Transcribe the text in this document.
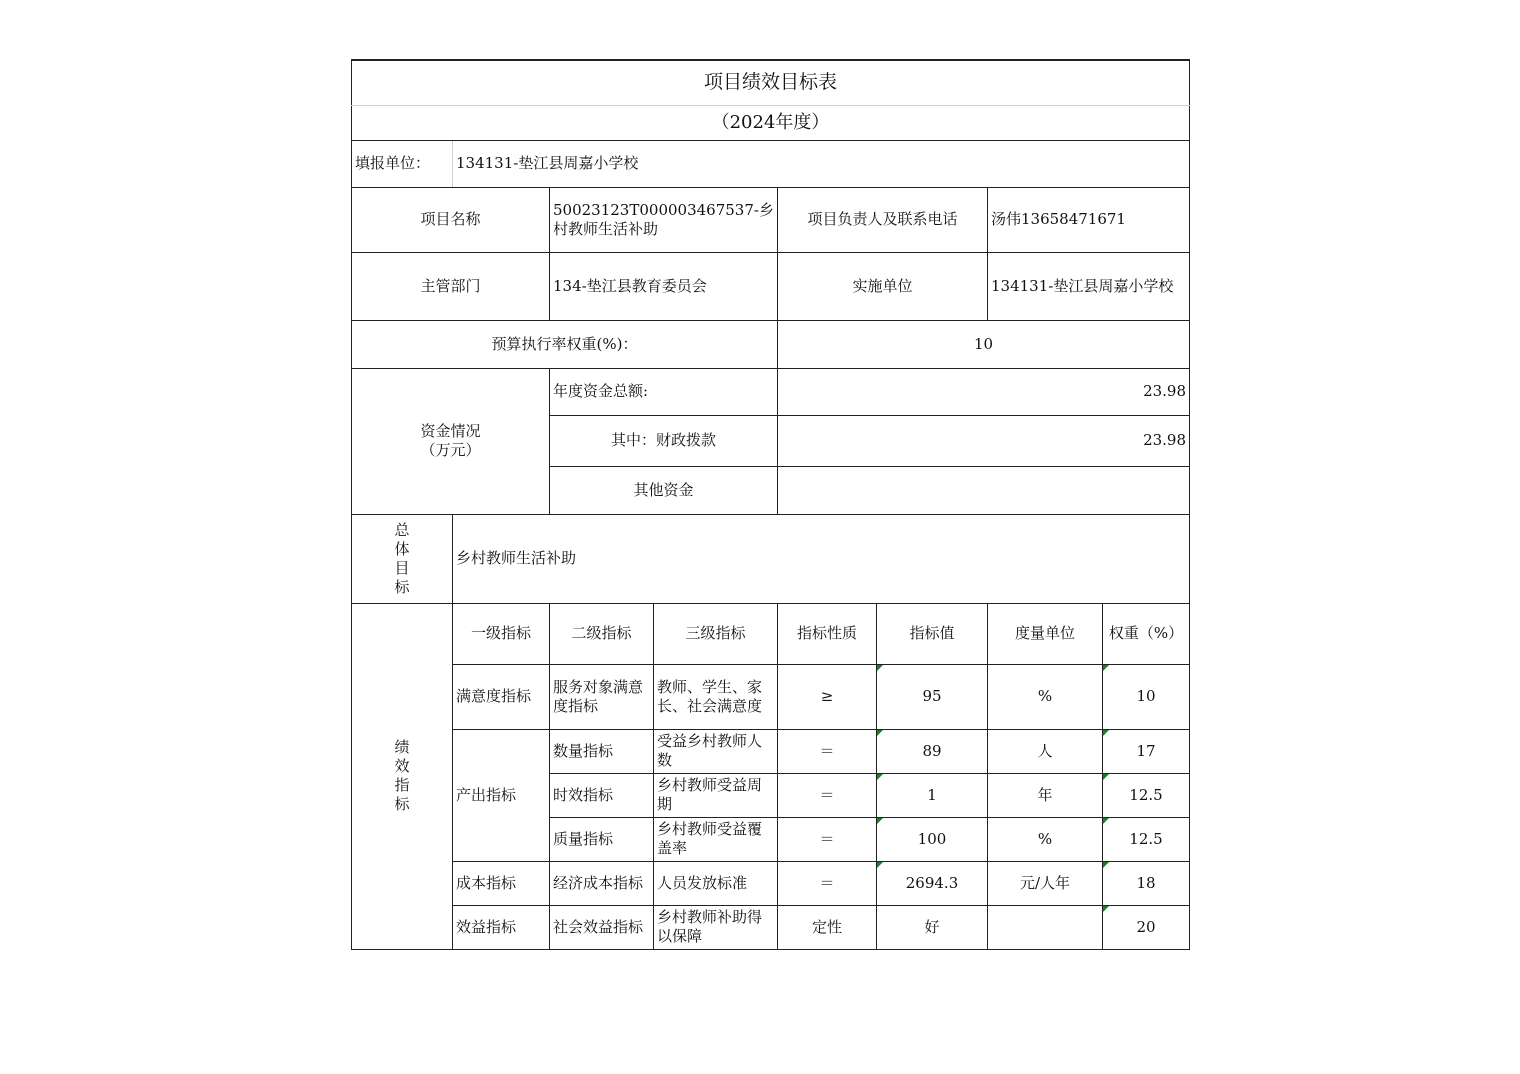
项目绩效目标表							
（2024年度）							
填报单位：	134131-垫江县周嘉小学校						
项目名称		50023123T000003467537-乡村教师生活补助		项目负责人及联系电话		汤伟13658471671	
主管部门		134-垫江县教育委员会		实施单位		134131-垫江县周嘉小学校	
预算执行率权重(%)：				10			

资金情况
（万元）		年度资金总额:		23.98			
		其中：财政拨款		23.98			
		其他资金					

总
体
目
标	乡村教师生活补助						

绩
效
指
标	一级指标	二级指标	三级指标	指标性质	指标值	度量单位	权重（%）
	满意度指标	服务对象满意度指标	教师、学生、家长、社会满意度	≥	95	%	10
	产出指标	数量指标	受益乡村教师人数	＝	89	人	17
		时效指标	乡村教师受益周期	＝	1	年	12.5
		质量指标	乡村教师受益覆盖率	＝	100	%	12.5
	成本指标	经济成本指标	人员发放标准	＝	2694.3	元/人年	18
	效益指标	社会效益指标	乡村教师补助得以保障	定性	好		20
